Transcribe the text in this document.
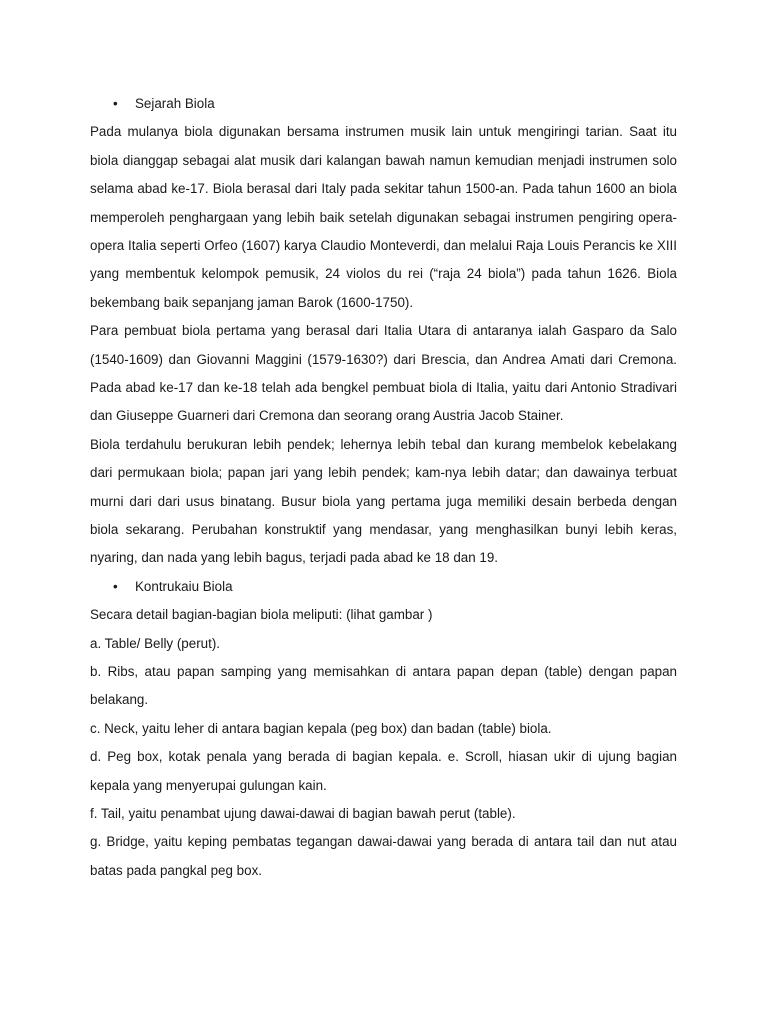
•	Sejarah Biola

Pada mulanya biola digunakan bersama instrumen musik lain untuk mengiringi tarian. Saat itu biola dianggap sebagai alat musik dari kalangan bawah namun kemudian menjadi instrumen solo selama abad ke-17. Biola berasal dari Italy pada sekitar tahun 1500-an. Pada tahun 1600 an biola memperoleh penghargaan yang lebih baik setelah digunakan sebagai instrumen pengiring opera-opera Italia seperti Orfeo (1607) karya Claudio Monteverdi, dan melalui Raja Louis Perancis ke XIII yang membentuk kelompok pemusik, 24 violos du rei (“raja 24 biola”) pada tahun 1626. Biola bekembang baik sepanjang jaman Barok (1600-1750).

Para pembuat biola pertama yang berasal dari Italia Utara di antaranya ialah Gasparo da Salo (1540-1609) dan Giovanni Maggini (1579-1630?) dari Brescia, dan Andrea Amati dari Cremona. Pada abad ke-17 dan ke-18 telah ada bengkel pembuat biola di Italia, yaitu dari Antonio Stradivari dan Giuseppe Guarneri dari Cremona dan seorang orang Austria Jacob Stainer.

Biola terdahulu berukuran lebih pendek; lehernya lebih tebal dan kurang membelok kebelakang dari permukaan biola; papan jari yang lebih pendek; kam-nya lebih datar; dan dawainya terbuat murni dari dari usus binatang. Busur biola yang pertama juga memiliki desain berbeda dengan biola sekarang. Perubahan konstruktif yang mendasar, yang menghasilkan bunyi lebih keras, nyaring, dan nada yang lebih bagus, terjadi pada abad ke 18 dan 19.

•	Kontrukaiu Biola

Secara detail bagian-bagian biola meliputi: (lihat gambar )

a. Table/ Belly (perut).

b. Ribs, atau papan samping yang memisahkan di antara papan depan (table) dengan papan belakang.

c. Neck, yaitu leher di antara bagian kepala (peg box) dan badan (table) biola.

d. Peg box, kotak penala yang berada di bagian kepala. e. Scroll, hiasan ukir di ujung bagian kepala yang menyerupai gulungan kain.

f. Tail, yaitu penambat ujung dawai-dawai di bagian bawah perut (table).

g. Bridge, yaitu keping pembatas tegangan dawai-dawai yang berada di antara tail dan nut atau batas pada pangkal peg box.
